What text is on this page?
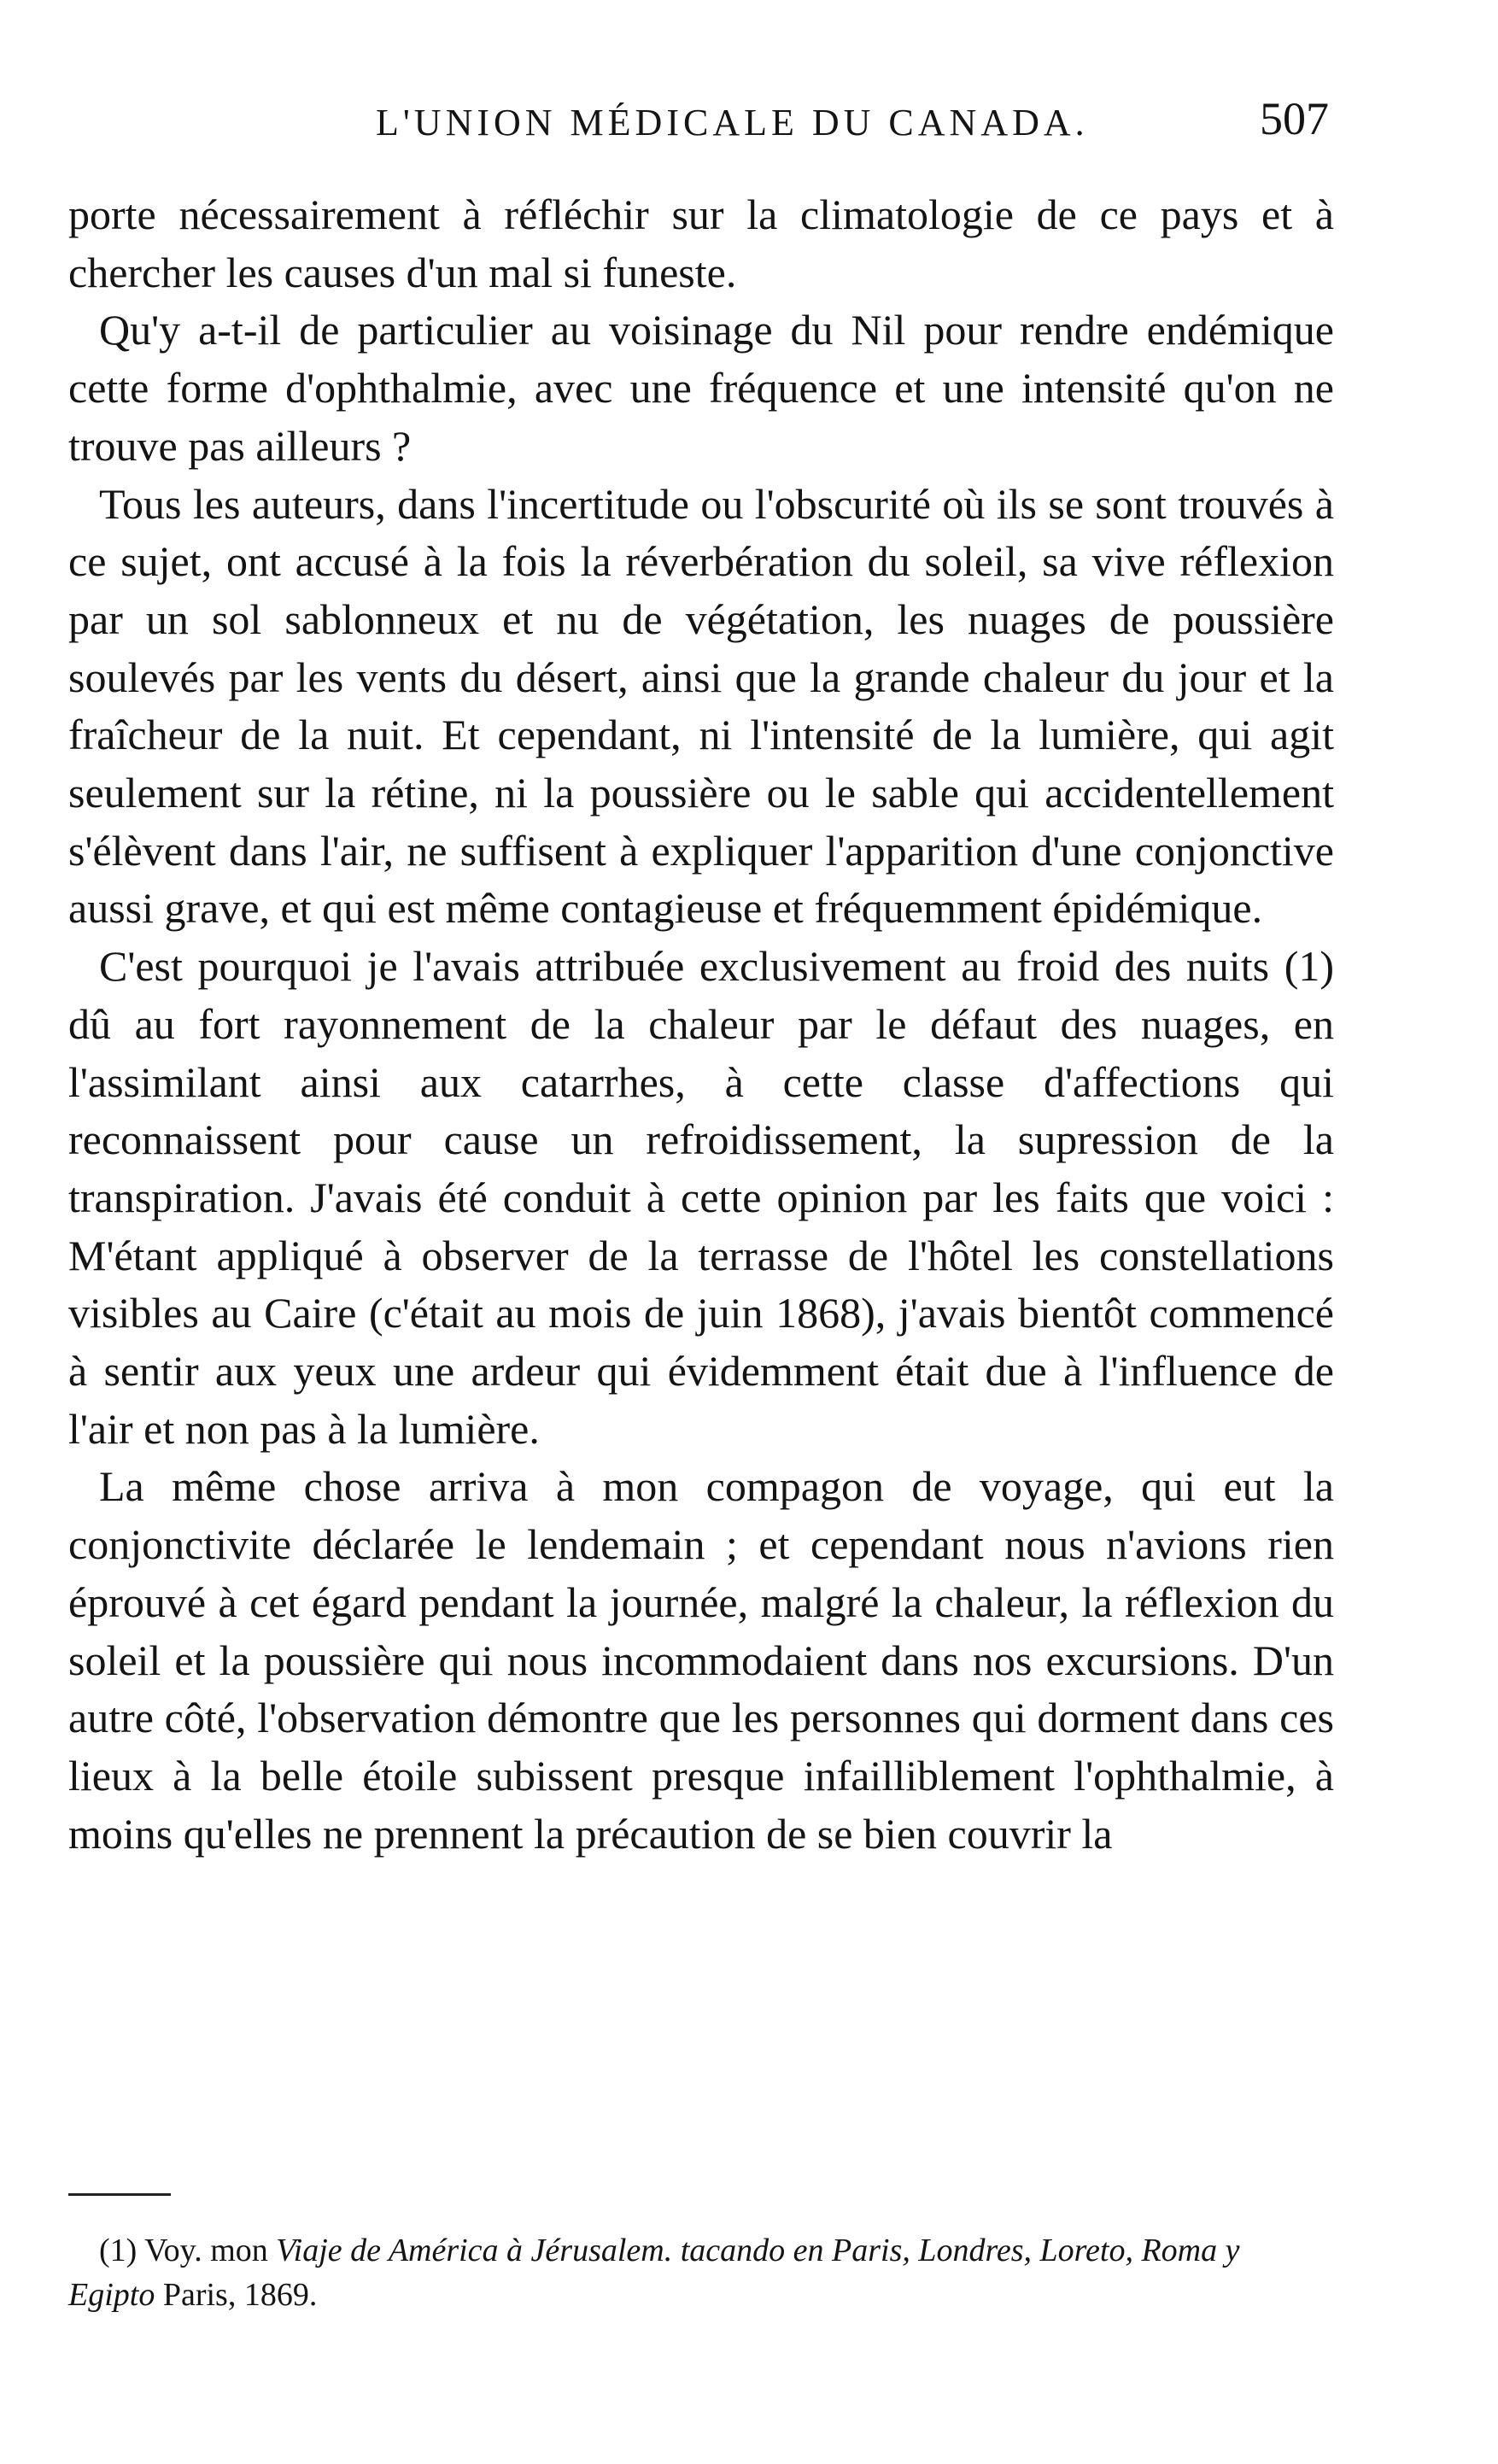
L'UNION MÉDICALE DU CANADA.	507

porte nécessairement à réfléchir sur la climatologie de ce pays et à chercher les causes d'un mal si funeste.

Qu'y a-t-il de particulier au voisinage du Nil pour rendre endémique cette forme d'ophthalmie, avec une fréquence et une intensité qu'on ne trouve pas ailleurs ?

Tous les auteurs, dans l'incertitude ou l'obscurité où ils se sont trouvés à ce sujet, ont accusé à la fois la réverbération du soleil, sa vive réflexion par un sol sablonneux et nu de végétation, les nuages de poussière soulevés par les vents du désert, ainsi que la grande chaleur du jour et la fraîcheur de la nuit. Et cependant, ni l'intensité de la lumière, qui agit seulement sur la rétine, ni la poussière ou le sable qui accidentellement s'élèvent dans l'air, ne suffisent à expliquer l'apparition d'une conjonctive aussi grave, et qui est même contagieuse et fréquemment épidémique.

C'est pourquoi je l'avais attribuée exclusivement au froid des nuits (1) dû au fort rayonnement de la chaleur par le défaut des nuages, en l'assimilant ainsi aux catarrhes, à cette classe d'affections qui reconnaissent pour cause un refroidissement, la supression de la transpiration. J'avais été conduit à cette opinion par les faits que voici : M'étant appliqué à observer de la terrasse de l'hôtel les constellations visibles au Caire (c'était au mois de juin 1868), j'avais bientôt commencé à sentir aux yeux une ardeur qui évidemment était due à l'influence de l'air et non pas à la lumière.

La même chose arriva à mon compagon de voyage, qui eut la conjonctivite déclarée le lendemain ; et cependant nous n'avions rien éprouvé à cet égard pendant la journée, malgré la chaleur, la réflexion du soleil et la poussière qui nous incommodaient dans nos excursions. D'un autre côté, l'observation démontre que les personnes qui dorment dans ces lieux à la belle étoile subissent presque infailliblement l'ophthalmie, à moins qu'elles ne prennent la précaution de se bien couvrir la

(1) Voy. mon Viaje de América à Jérusalem. tacando en Paris, Londres, Loreto, Roma y Egipto Paris, 1869.
